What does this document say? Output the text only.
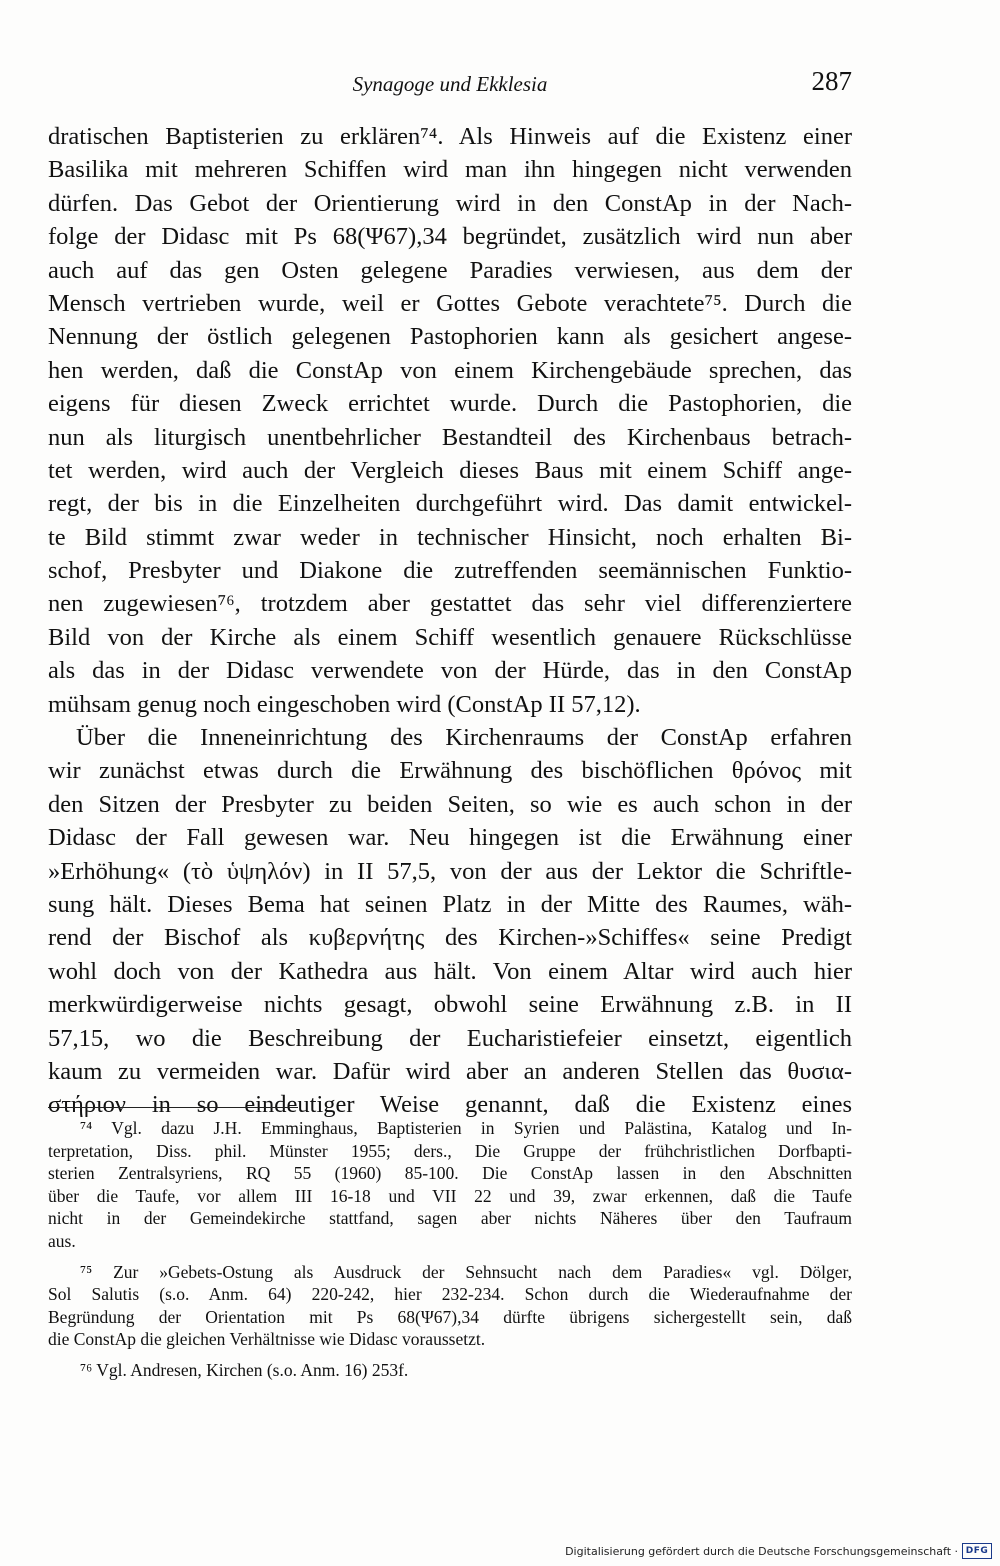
Synagoge und Ekklesia	287
dratischen Baptisterien zu erklären⁷⁴. Als Hinweis auf die Existenz einer
Basilika mit mehreren Schiffen wird man ihn hingegen nicht verwenden
dürfen. Das Gebot der Orientierung wird in den ConstAp in der Nach-
folge der Didasc mit Ps 68(Ψ67),34 begründet, zusätzlich wird nun aber
auch auf das gen Osten gelegene Paradies verwiesen, aus dem der
Mensch vertrieben wurde, weil er Gottes Gebote verachtete⁷⁵. Durch die
Nennung der östlich gelegenen Pastophorien kann als gesichert angese-
hen werden, daß die ConstAp von einem Kirchengebäude sprechen, das
eigens für diesen Zweck errichtet wurde. Durch die Pastophorien, die
nun als liturgisch unentbehrlicher Bestandteil des Kirchenbaus betrach-
tet werden, wird auch der Vergleich dieses Baus mit einem Schiff ange-
regt, der bis in die Einzelheiten durchgeführt wird. Das damit entwickel-
te Bild stimmt zwar weder in technischer Hinsicht, noch erhalten Bi-
schof, Presbyter und Diakone die zutreffenden seemännischen Funktio-
nen zugewiesen⁷⁶, trotzdem aber gestattet das sehr viel differenziertere
Bild von der Kirche als einem Schiff wesentlich genauere Rückschlüsse
als das in der Didasc verwendete von der Hürde, das in den ConstAp
mühsam genug noch eingeschoben wird (ConstAp II 57,12).
Über die Inneneinrichtung des Kirchenraums der ConstAp erfahren
wir zunächst etwas durch die Erwähnung des bischöflichen θρόνος mit
den Sitzen der Presbyter zu beiden Seiten, so wie es auch schon in der
Didasc der Fall gewesen war. Neu hingegen ist die Erwähnung einer
»Erhöhung« (τὸ ὑψηλόν) in II 57,5, von der aus der Lektor die Schriftle-
sung hält. Dieses Bema hat seinen Platz in der Mitte des Raumes, wäh-
rend der Bischof als κυβερνήτης des Kirchen-»Schiffes« seine Predigt
wohl doch von der Kathedra aus hält. Von einem Altar wird auch hier
merkwürdigerweise nichts gesagt, obwohl seine Erwähnung z.B. in II
57,15, wo die Beschreibung der Eucharistiefeier einsetzt, eigentlich
kaum zu vermeiden war. Dafür wird aber an anderen Stellen das θυσια-
στήριον in so eindeutiger Weise genannt, daß die Existenz eines
⁷⁴ Vgl. dazu J.H. Emminghaus, Baptisterien in Syrien und Palästina, Katalog und In-
terpretation, Diss. phil. Münster 1955; ders., Die Gruppe der frühchristlichen Dorfbapti-
sterien Zentralsyriens, RQ 55 (1960) 85-100. Die ConstAp lassen in den Abschnitten
über die Taufe, vor allem III 16-18 und VII 22 und 39, zwar erkennen, daß die Taufe
nicht in der Gemeindekirche stattfand, sagen aber nichts Näheres über den Taufraum
aus.
⁷⁵ Zur »Gebets-Ostung als Ausdruck der Sehnsucht nach dem Paradies« vgl. Dölger,
Sol Salutis (s.o. Anm. 64) 220-242, hier 232-234. Schon durch die Wiederaufnahme der
Begründung der Orientation mit Ps 68(Ψ67),34 dürfte übrigens sichergestellt sein, daß
die ConstAp die gleichen Verhältnisse wie Didasc voraussetzt.
⁷⁶ Vgl. Andresen, Kirchen (s.o. Anm. 16) 253f.
Digitalisierung gefördert durch die Deutsche Forschungsgemeinschaft · DFG
